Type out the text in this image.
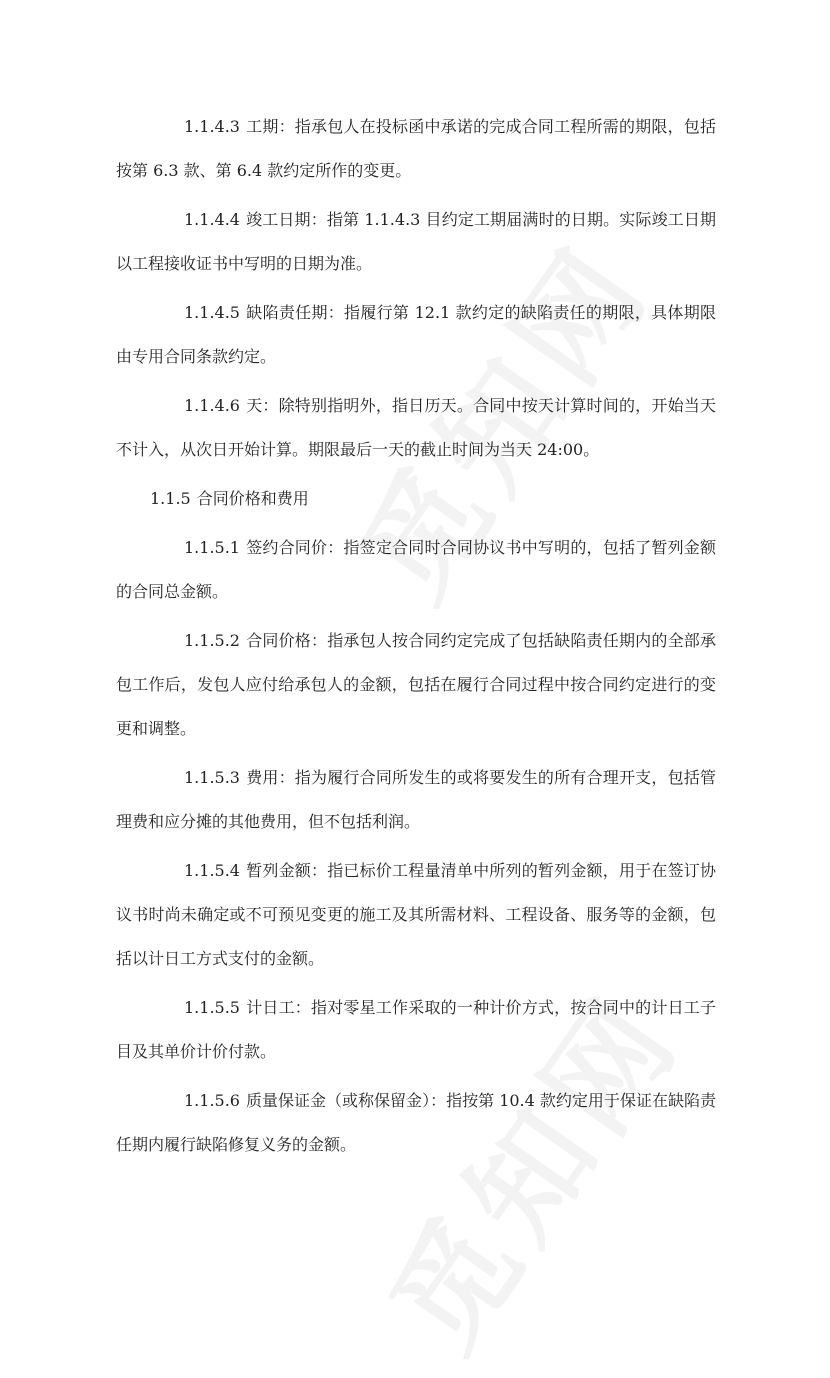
1.1.4.3 工期：指承包人在投标函中承诺的完成合同工程所需的期限，包括按第 6.3 款、第 6.4 款约定所作的变更。

1.1.4.4 竣工日期：指第 1.1.4.3 目约定工期届满时的日期。实际竣工日期以工程接收证书中写明的日期为准。

1.1.4.5 缺陷责任期：指履行第 12.1 款约定的缺陷责任的期限，具体期限由专用合同条款约定。

1.1.4.6 天：除特别指明外，指日历天。合同中按天计算时间的，开始当天不计入，从次日开始计算。期限最后一天的截止时间为当天 24:00。

1.1.5 合同价格和费用

1.1.5.1 签约合同价：指签定合同时合同协议书中写明的，包括了暂列金额的合同总金额。

1.1.5.2 合同价格：指承包人按合同约定完成了包括缺陷责任期内的全部承包工作后，发包人应付给承包人的金额，包括在履行合同过程中按合同约定进行的变更和调整。

1.1.5.3 费用：指为履行合同所发生的或将要发生的所有合理开支，包括管理费和应分摊的其他费用，但不包括利润。

1.1.5.4 暂列金额：指已标价工程量清单中所列的暂列金额，用于在签订协议书时尚未确定或不可预见变更的施工及其所需材料、工程设备、服务等的金额，包括以计日工方式支付的金额。

1.1.5.5 计日工：指对零星工作采取的一种计价方式，按合同中的计日工子目及其单价计价付款。

1.1.5.6 质量保证金（或称保留金）：指按第 10.4 款约定用于保证在缺陷责任期内履行缺陷修复义务的金额。
